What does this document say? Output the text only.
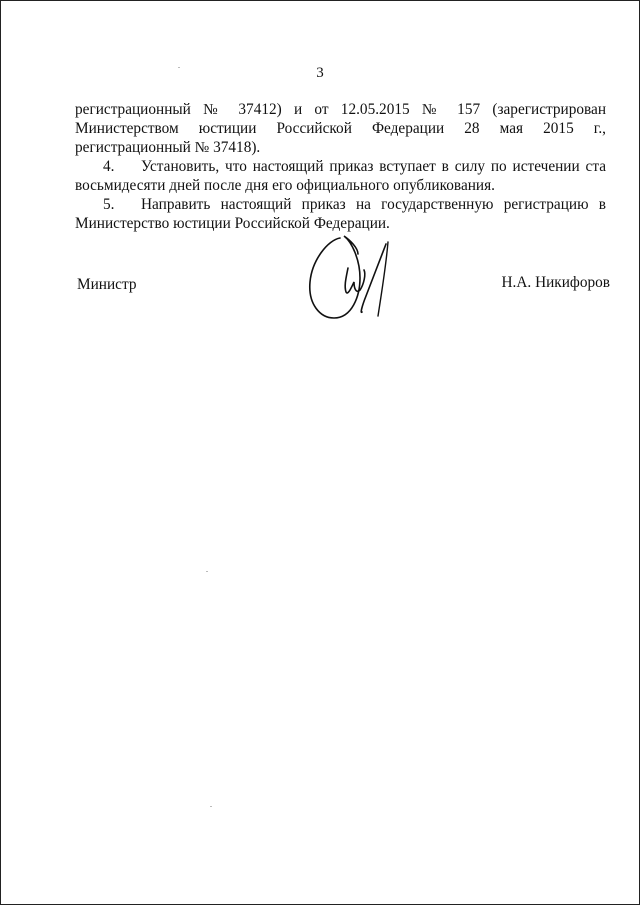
3

регистрационный № 37412) и от 12.05.2015 № 157 (зарегистрирован Министерством юстиции Российской Федерации 28 мая 2015 г., регистрационный № 37418).

4. Установить, что настоящий приказ вступает в силу по истечении ста восьмидесяти дней после дня его официального опубликования.

5. Направить настоящий приказ на государственную регистрацию в Министерство юстиции Российской Федерации.

Министр	Н.А. Никифоров
